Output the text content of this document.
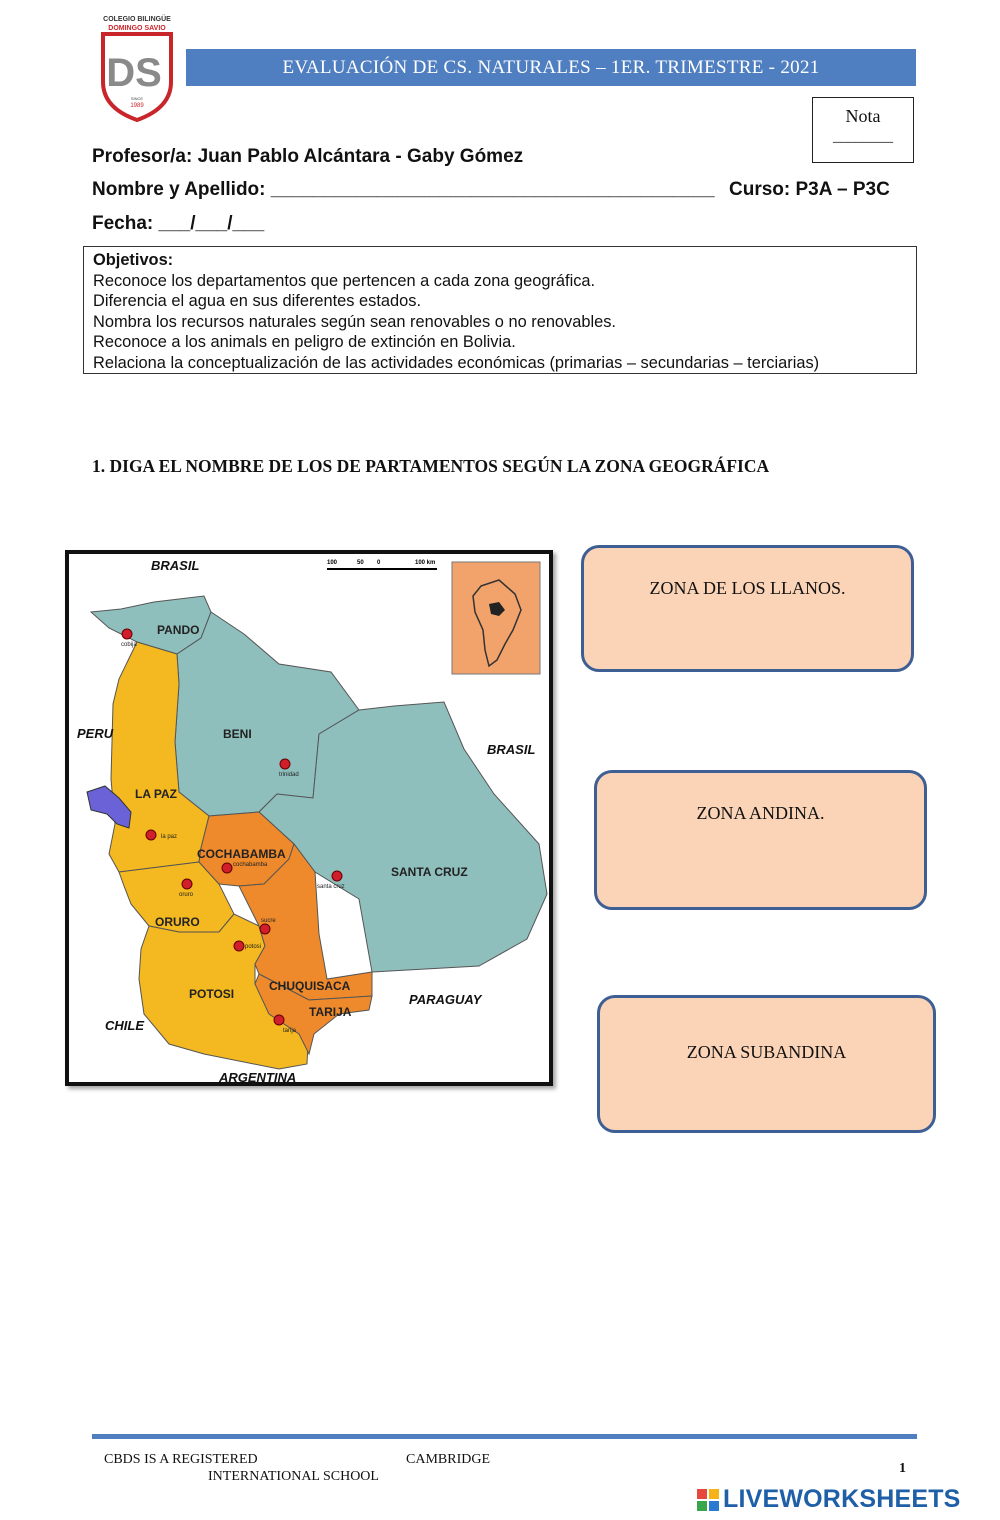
COLEGIO BILINGÜE
DOMINGO SAVIO
DS
SINCE
1989
EVALUACIÓN DE CS. NATURALES – 1ER. TRIMESTRE - 2021
Nota
________
Profesor/a: Juan Pablo Alcántara - Gaby Gómez
Nombre y Apellido: __________________________________________ Curso: P3A – P3C
Fecha: ___/___/___
Objetivos:
Reconoce los departamentos que pertencen a cada zona geográfica.
Diferencia el agua en sus diferentes estados.
Nombra los recursos naturales según sean renovables o no renovables.
Reconoce a los animals en peligro de extinción en Bolivia.
Relaciona la conceptualización de las actividades económicas (primarias – secundarias – terciarias)
1. DIGA EL NOMBRE DE LOS DE PARTAMENTOS SEGÚN LA ZONA GEOGRÁFICA
100	50 0	100 km
BRASIL
PERU
BRASIL
CHILE
PARAGUAY
ARGENTINA
PANDO
BENI
LA PAZ
COCHABAMBA
ORURO
SANTA CRUZ
POTOSI
CHUQUISACA
TARIJA
cobija
trinidad
la paz
cochabamba
oruro
santa cruz
sucre
potosi
tarija
ZONA DE LOS LLANOS.
ZONA ANDINA.
ZONA SUBANDINA
CBDS IS A REGISTERED	CAMBRIDGE
INTERNATIONAL SCHOOL
1
LIVEWORKSHEETS
